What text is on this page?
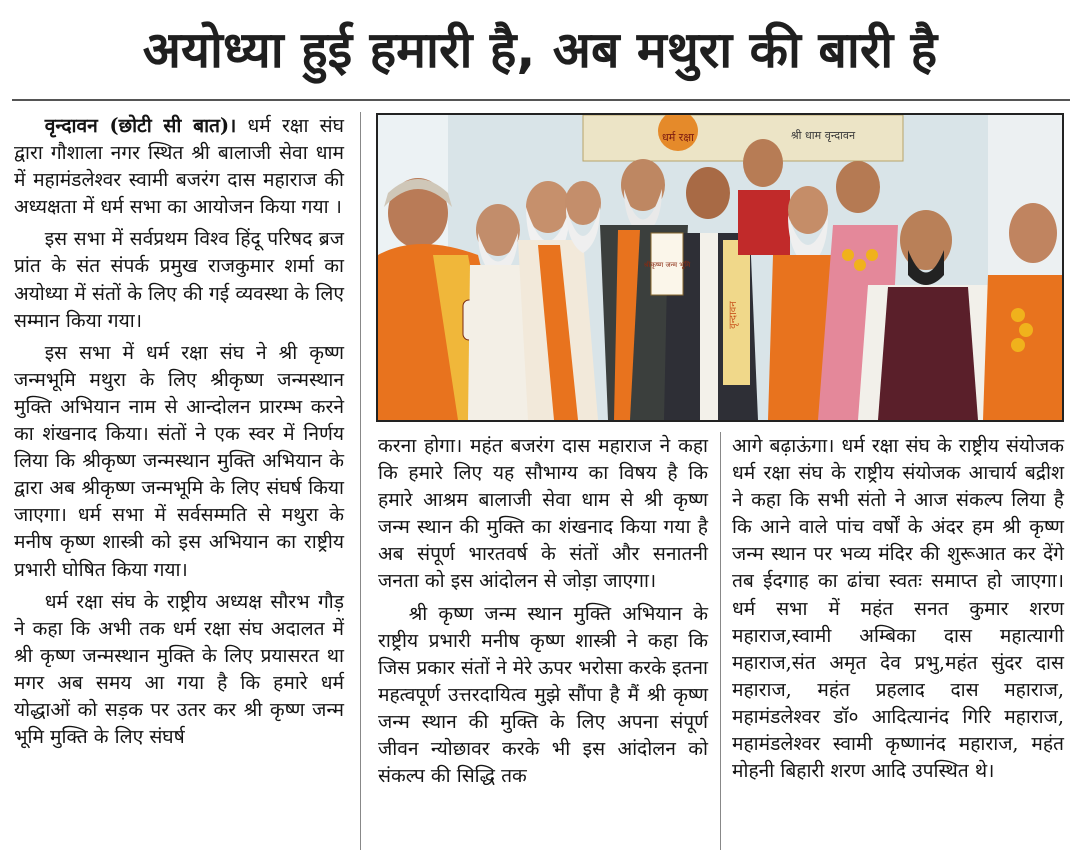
अयोध्या हुई हमारी है, अब मथुरा की बारी है

वृन्दावन (छोटी सी बात)। धर्म रक्षा संघ द्वारा गौशाला नगर स्थित श्री बालाजी सेवा धाम में महामंडलेश्वर स्वामी बजरंग दास महाराज की अध्यक्षता में धर्म सभा का आयोजन किया गया ।

इस सभा में सर्वप्रथम विश्व हिंदू परिषद ब्रज प्रांत के संत संपर्क प्रमुख राजकुमार शर्मा का अयोध्या में संतों के लिए की गई व्यवस्था के लिए सम्मान किया गया।

इस सभा में धर्म रक्षा संघ ने श्री कृष्ण जन्मभूमि मथुरा के लिए श्रीकृष्ण जन्मस्थान मुक्ति अभियान नाम से आन्दोलन प्रारम्भ करने का शंखनाद किया। संतों ने एक स्वर में निर्णय लिया कि श्रीकृष्ण जन्मस्थान मुक्ति अभियान के द्वारा अब श्रीकृष्ण जन्मभूमि के लिए संघर्ष किया जाएगा। धर्म सभा में सर्वसम्मति से मथुरा के मनीष कृष्ण शास्त्री को इस अभियान का राष्ट्रीय प्रभारी घोषित किया गया।

धर्म रक्षा संघ के राष्ट्रीय अध्यक्ष सौरभ गौड़ ने कहा कि अभी तक धर्म रक्षा संघ अदालत में श्री कृष्ण जन्मस्थान मुक्ति के लिए प्रयासरत था मगर अब समय आ गया है कि हमारे धर्म योद्धाओं को सड़क पर उतर कर श्री कृष्ण जन्म भूमि मुक्ति के लिए संघर्ष

धर्म रक्षा	श्री धाम वृन्दावन
वृन्दावन
श्रीकृष्ण जन्म भूमि

करना होगा। महंत बजरंग दास महाराज ने कहा कि हमारे लिए यह सौभाग्य का विषय है कि हमारे आश्रम बालाजी सेवा धाम से श्री कृष्ण जन्म स्थान की मुक्ति का शंखनाद किया गया है अब संपूर्ण भारतवर्ष के संतों और सनातनी जनता को इस आंदोलन से जोड़ा जाएगा।

श्री कृष्ण जन्म स्थान मुक्ति अभियान के राष्ट्रीय प्रभारी मनीष कृष्ण शास्त्री ने कहा कि जिस प्रकार संतों ने मेरे ऊपर भरोसा करके इतना महत्वपूर्ण उत्तरदायित्व मुझे सौंपा है मैं श्री कृष्ण जन्म स्थान की मुक्ति के लिए अपना संपूर्ण जीवन न्योछावर करके भी इस आंदोलन को संकल्प की सिद्धि तक

आगे बढ़ाऊंगा। धर्म रक्षा संघ के राष्ट्रीय संयोजक धर्म रक्षा संघ के राष्ट्रीय संयोजक आचार्य बद्रीश ने कहा कि सभी संतो ने आज संकल्प लिया है कि आने वाले पांच वर्षों के अंदर हम श्री कृष्ण जन्म स्थान पर भव्य मंदिर की शुरूआत कर देंगे तब ईदगाह का ढांचा स्वतः समाप्त हो जाएगा। धर्म सभा में महंत सनत कुमार शरण महाराज,स्वामी अम्बिका दास महात्यागी महाराज,संत अमृत देव प्रभु,महंत सुंदर दास महाराज, महंत प्रहलाद दास महाराज, महामंडलेश्वर डॉ० आदित्यानंद गिरि महाराज, महामंडलेश्वर स्वामी कृष्णानंद महाराज, महंत मोहनी बिहारी शरण आदि उपस्थित थे।
